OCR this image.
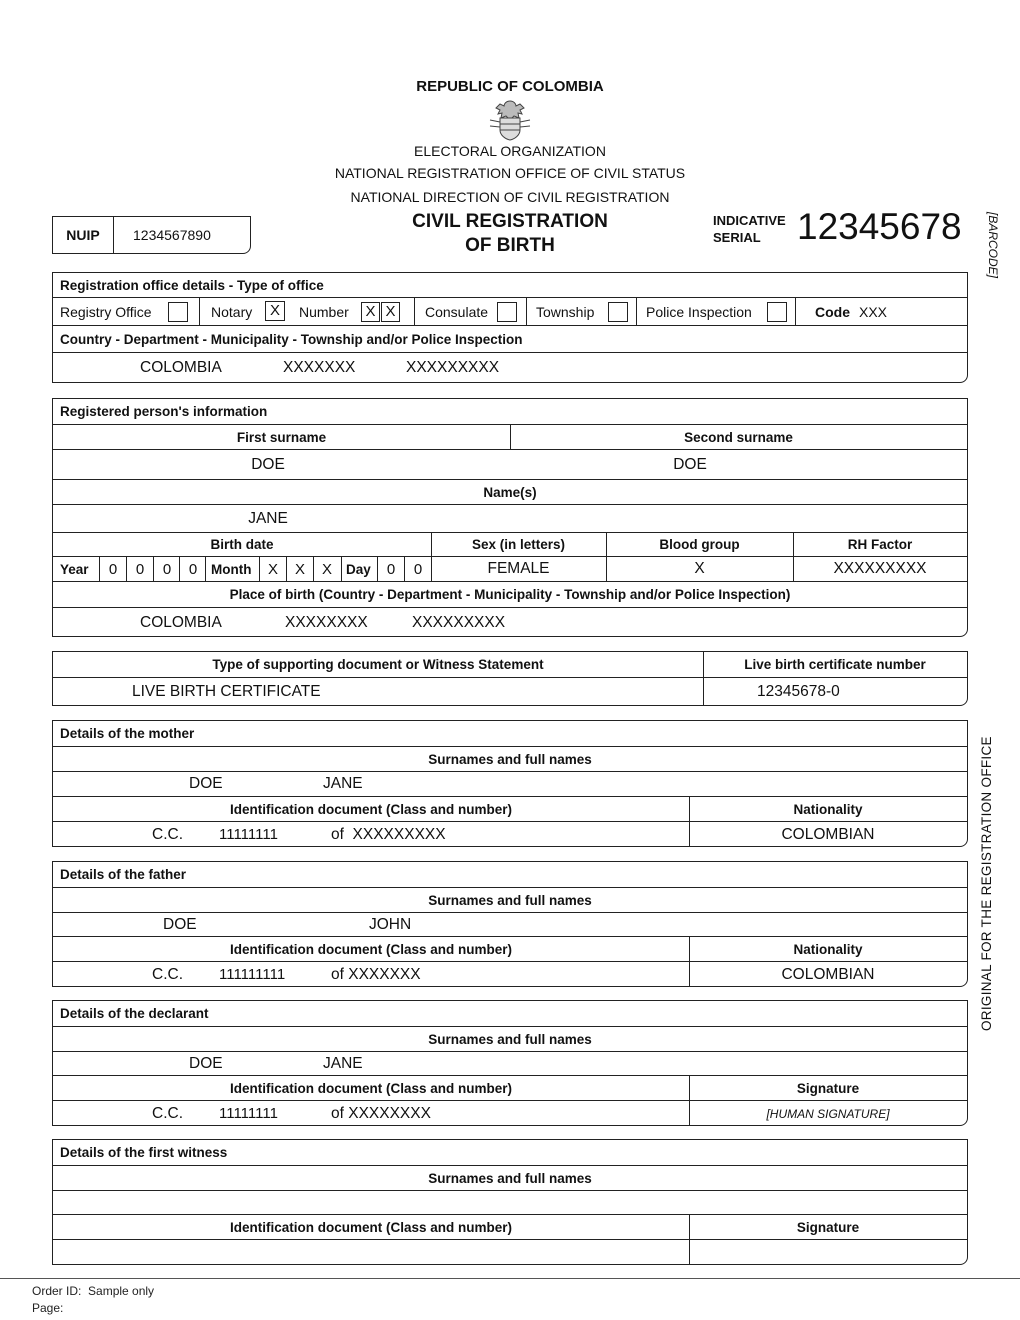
REPUBLIC OF COLOMBIA
ELECTORAL ORGANIZATION
NATIONAL REGISTRATION OFFICE OF CIVIL STATUS
NATIONAL DIRECTION OF CIVIL REGISTRATION
CIVIL REGISTRATION
OF BIRTH
NUIP	1234567890
INDICATIVE
SERIAL 12345678	[BARCODE]
ORIGINAL FOR THE REGISTRATION OFFICE
Registration office details - Type of office
Registry Office	Notary	X	Number X X	Consulate	Township	Police Inspection	Code XXX
Country - Department - Municipality - Township and/or Police Inspection
COLOMBIA	XXXXXXX	XXXXXXXXX
Registered person's information
First surname	Second surname
DOE	DOE
Name(s)
JANE
Birth date	Sex (in letters)	Blood group	RH Factor
Year	0	0	0	0	Month	X	X	X	Day	0	0	FEMALE	X	XXXXXXXXX
Place of birth (Country - Department - Municipality - Township and/or Police Inspection)
COLOMBIA	XXXXXXXX	XXXXXXXXX
Type of supporting document or Witness Statement	Live birth certificate number
LIVE BIRTH CERTIFICATE	12345678-0
Details of the mother
Surnames and full names
DOE	JANE
Identification document (Class and number)	Nationality
C.C. 11111111	of  XXXXXXXXX	COLOMBIAN
Details of the father
Surnames and full names
DOE	JOHN
Identification document (Class and number)	Nationality
C.C. 111111111	of XXXXXXX	COLOMBIAN
Details of the declarant
Surnames and full names
DOE	JANE
Identification document (Class and number)	Signature
C.C. 11111111	of XXXXXXXX	[HUMAN SIGNATURE]
Details of the first witness
Surnames and full names
Identification document (Class and number)	Signature
Order ID: Sample only
Page:
